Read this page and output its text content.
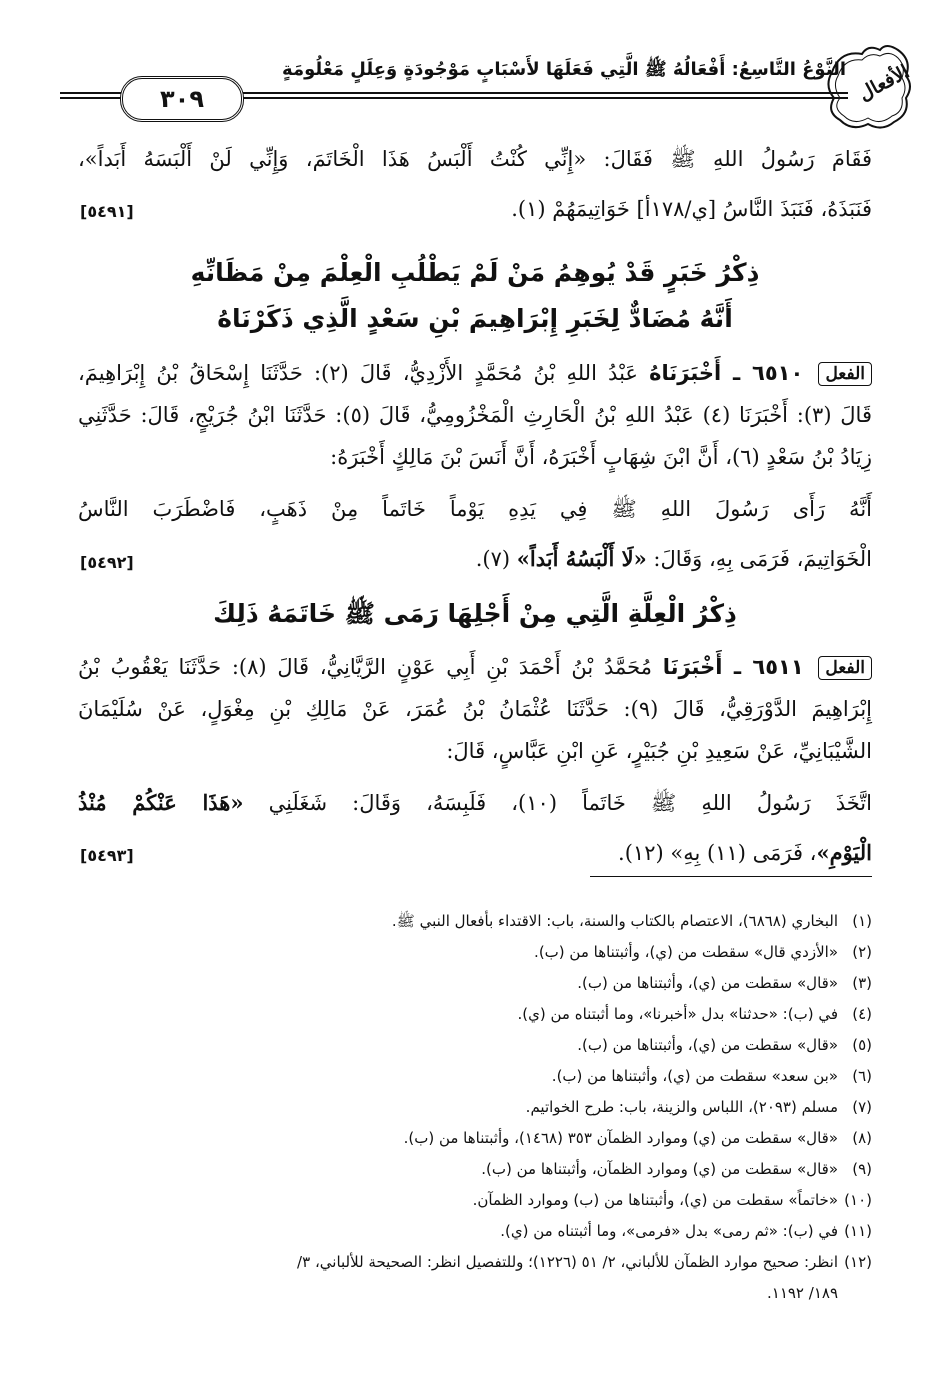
النَّوْعُ التَّاسِعُ: أَفْعَالُهُ ﷺ الَّتِي فَعَلَهَا لأَسْبَابٍ مَوْجُودَةٍ وَعِلَلٍ مَعْلُومَةٍ
٣٠٩	الأفعال
فَقَامَ رَسُولُ اللهِ ﷺ فَقَالَ: «إِنِّي كُنْتُ أَلْبَسُ هَذَا الْخَاتَمَ، وَإِنِّي لَنْ أَلْبَسَهُ أَبَداً»،
فَنَبَذَهُ، فَنَبَذَ النَّاسُ [ي/١٧٨أ] خَوَاتِيمَهُمْ (١).
[٥٤٩١]
ذِكْرُ خَبَرٍ قَدْ يُوهِمُ مَنْ لَمْ يَطْلُبِ الْعِلْمَ مِنْ مَظَانِّهِ
أَنَّهُ مُضَادٌّ لِخَبَرِ إِبْرَاهِيمَ بْنِ سَعْدٍ الَّذِي ذَكَرْنَاهُ
الفعل ٦٥١٠ ـ أَخْبَرَنَاهُ عَبْدُ اللهِ بْنُ مُحَمَّدٍ الأَزْدِيُّ، قَالَ (٢): حَدَّثَنَا إِسْحَاقُ بْنُ إِبْرَاهِيمَ،
قَالَ (٣): أَخْبَرَنَا (٤) عَبْدُ اللهِ بْنُ الْحَارِثِ الْمَخْزُومِيُّ، قَالَ (٥): حَدَّثَنَا ابْنُ جُرَيْجٍ، قَالَ: حَدَّثَنِي
زِيَادُ بْنُ سَعْدٍ (٦)، أَنَّ ابْنَ شِهَابٍ أَخْبَرَهُ، أَنَّ أَنَسَ بْنَ مَالِكٍ أَخْبَرَهُ:
أَنَّهُ رَأَى رَسُولَ اللهِ ﷺ فِي يَدِهِ يَوْماً خَاتَماً مِنْ ذَهَبٍ، فَاضْطَرَبَ النَّاسُ
الْخَوَاتِيمَ، فَرَمَى بِهِ، وَقَالَ: «لَا أَلْبَسُهُ أَبَداً» (٧).
[٥٤٩٢]
ذِكْرُ الْعِلَّةِ الَّتِي مِنْ أَجْلِهَا رَمَى ﷺ خَاتَمَهُ ذَلِكَ
الفعل ٦٥١١ ـ أَخْبَرَنَا مُحَمَّدُ بْنُ أَحْمَدَ بْنِ أَبِي عَوْنٍ الرَّيَّانِيُّ، قَالَ (٨): حَدَّثَنَا يَعْقُوبُ بْنُ
إِبْرَاهِيمَ الدَّوْرَقِيُّ، قَالَ (٩): حَدَّثَنَا عُثْمَانُ بْنُ عُمَرَ، عَنْ مَالِكِ بْنِ مِغْوَلٍ، عَنْ سُلَيْمَانَ
الشَّيْبَانِيِّ، عَنْ سَعِيدِ بْنِ جُبَيْرٍ، عَنِ ابْنِ عَبَّاسٍ، قَالَ:
اتَّخَذَ رَسُولُ اللهِ ﷺ خَاتَماً (١٠)، فَلَبِسَهُ، وَقَالَ: شَغَلَنِي «هَذَا عَنْكُمْ مُنْذُ
الْيَوْمِ»، فَرَمَى (١١) بِهِ» (١٢).
[٥٤٩٣]
(١)البخاري (٦٨٦٨)، الاعتصام بالكتاب والسنة، باب: الاقتداء بأفعال النبي ﷺ.
(٢)«الأزدي قال» سقطت من (ي)، وأثبتناها من (ب).
(٣)«قال» سقطت من (ي)، وأثبتناها من (ب).
(٤)في (ب): «حدثنا» بدل «أخبرنا»، وما أثبتناه من (ي).
(٥)«قال» سقطت من (ي)، وأثبتناها من (ب).
(٦)«بن سعد» سقطت من (ي)، وأثبتناها من (ب).
(٧)مسلم (٢٠٩٣)، اللباس والزينة، باب: طرح الخواتيم.
(٨)«قال» سقطت من (ي) وموارد الظمآن ٣٥٣ (١٤٦٨)، وأثبتناها من (ب).
(٩)«قال» سقطت من (ي) وموارد الظمآن، وأثبتناها من (ب).
(١٠)«خاتماً» سقطت من (ي)، وأثبتناها من (ب) وموارد الظمآن.
(١١)في (ب): «ثم رمى» بدل «فرمى»، وما أثبتناه من (ي).
(١٢)انظر: صحيح موارد الظمآن للألباني، ٢/ ٥١ (١٢٢٦)؛ وللتفصيل انظر: الصحيحة للألباني، ٣/
١٨٩/ ١١٩٢.
